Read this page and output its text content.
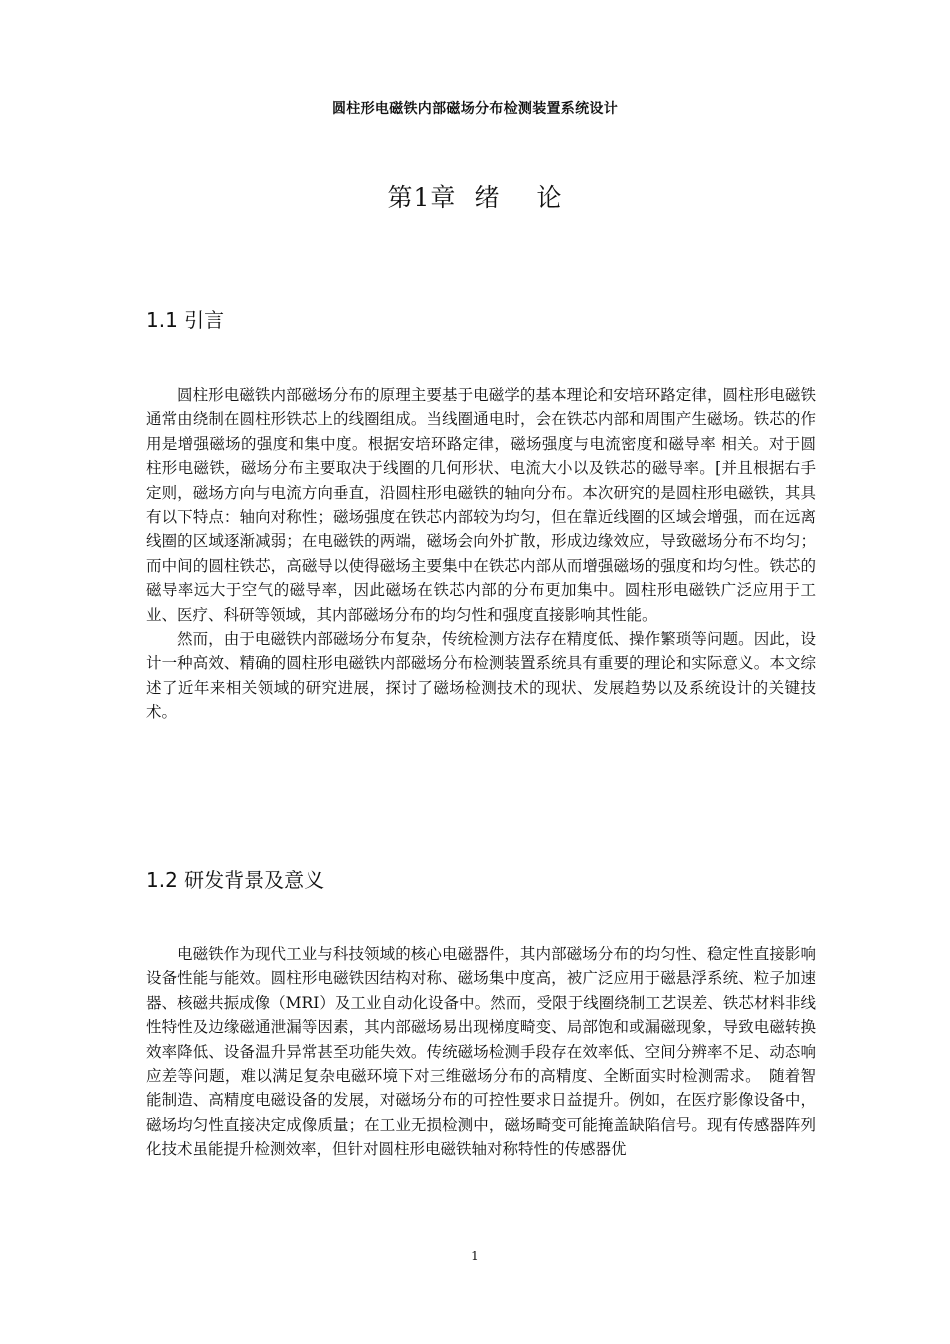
圆柱形电磁铁内部磁场分布检测装置系统设计
第1章 绪 论
1.1 引言

圆柱形电磁铁内部磁场分布的原理主要基于电磁学的基本理论和安培环路定律，圆柱形电磁铁通常由绕制在圆柱形铁芯上的线圈组成。当线圈通电时，会在铁芯内部和周围产生磁场。铁芯的作用是增强磁场的强度和集中度。根据安培环路定律，磁场强度与电流密度和磁导率 相关。对于圆柱形电磁铁，磁场分布主要取决于线圈的几何形状、电流大小以及铁芯的磁导率。[并且根据右手定则，磁场方向与电流方向垂直，沿圆柱形电磁铁的轴向分布。本次研究的是圆柱形电磁铁，其具有以下特点：轴向对称性；磁场强度在铁芯内部较为均匀，但在靠近线圈的区域会增强，而在远离线圈的区域逐渐减弱；在电磁铁的两端，磁场会向外扩散，形成边缘效应，导致磁场分布不均匀；而中间的圆柱铁芯，高磁导以使得磁场主要集中在铁芯内部从而增强磁场的强度和均匀性。铁芯的磁导率远大于空气的磁导率，因此磁场在铁芯内部的分布更加集中。圆柱形电磁铁广泛应用于工业、医疗、科研等领域，其内部磁场分布的均匀性和强度直接影响其性能。

然而，由于电磁铁内部磁场分布复杂，传统检测方法存在精度低、操作繁琐等问题。因此，设计一种高效、精确的圆柱形电磁铁内部磁场分布检测装置系统具有重要的理论和实际意义。本文综述了近年来相关领域的研究进展，探讨了磁场检测技术的现状、发展趋势以及系统设计的关键技术。

1.2 研发背景及意义

电磁铁作为现代工业与科技领域的核心电磁器件，其内部磁场分布的均匀性、稳定性直接影响设备性能与能效。圆柱形电磁铁因结构对称、磁场集中度高，被广泛应用于磁悬浮系统、粒子加速器、核磁共振成像（MRI）及工业自动化设备中。然而，受限于线圈绕制工艺误差、铁芯材料非线性特性及边缘磁通泄漏等因素，其内部磁场易出现梯度畸变、局部饱和或漏磁现象，导致电磁转换效率降低、设备温升异常甚至功能失效。传统磁场检测手段存在效率低、空间分辨率不足、动态响应差等问题，难以满足复杂电磁环境下对三维磁场分布的高精度、全断面实时检测需求。　随着智能制造、高精度电磁设备的发展，对磁场分布的可控性要求日益提升。例如，在医疗影像设备中，磁场均匀性直接决定成像质量；在工业无损检测中，磁场畸变可能掩盖缺陷信号。现有传感器阵列化技术虽能提升检测效率，但针对圆柱形电磁铁轴对称特性的传感器优

1
